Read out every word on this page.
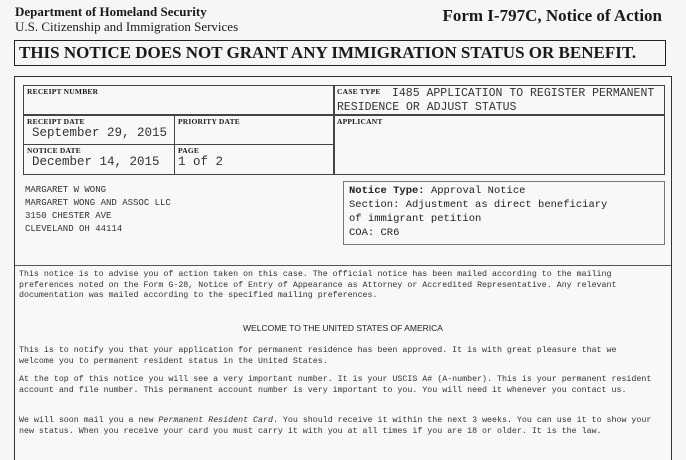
Department of Homeland Security
U.S. Citizenship and Immigration Services
Form I-797C, Notice of Action
THIS NOTICE DOES NOT GRANT ANY IMMIGRATION STATUS OR BENEFIT.
RECEIPT NUMBER	CASE TYPE I485 APPLICATION TO REGISTER PERMANENT
RESIDENCE OR ADJUST STATUS
RECEIPT DATE
September 29, 2015
PRIORITY DATE	APPLICANT
NOTICE DATE
December 14, 2015
PAGE
1 of 2
MARGARET W WONG
MARGARET WONG AND ASSOC LLC
3150 CHESTER AVE
CLEVELAND OH 44114
Notice Type: Approval Notice
Section: Adjustment as direct beneficiary
of immigrant petition
COA: CR6

This notice is to advise you of action taken on this case. The official notice has been mailed according to the mailing preferences noted on the Form G-28, Notice of Entry of Appearance as Attorney or Accredited Representative. Any relevant documentation was mailed according to the specified mailing preferences.

WELCOME TO THE UNITED STATES OF AMERICA

This is to notify you that your application for permanent residence has been approved. It is with great pleasure that we welcome you to permanent resident status in the United States.

At the top of this notice you will see a very important number. It is your USCIS A# (A-number). This is your permanent resident account and file number. This permanent account number is very important to you. You will need it whenever you contact us.

We will soon mail you a new Permanent Resident Card. You should receive it within the next 3 weeks. You can use it to show your new status. When you receive your card you must carry it with you at all times if you are 18 or older. It is the law.
